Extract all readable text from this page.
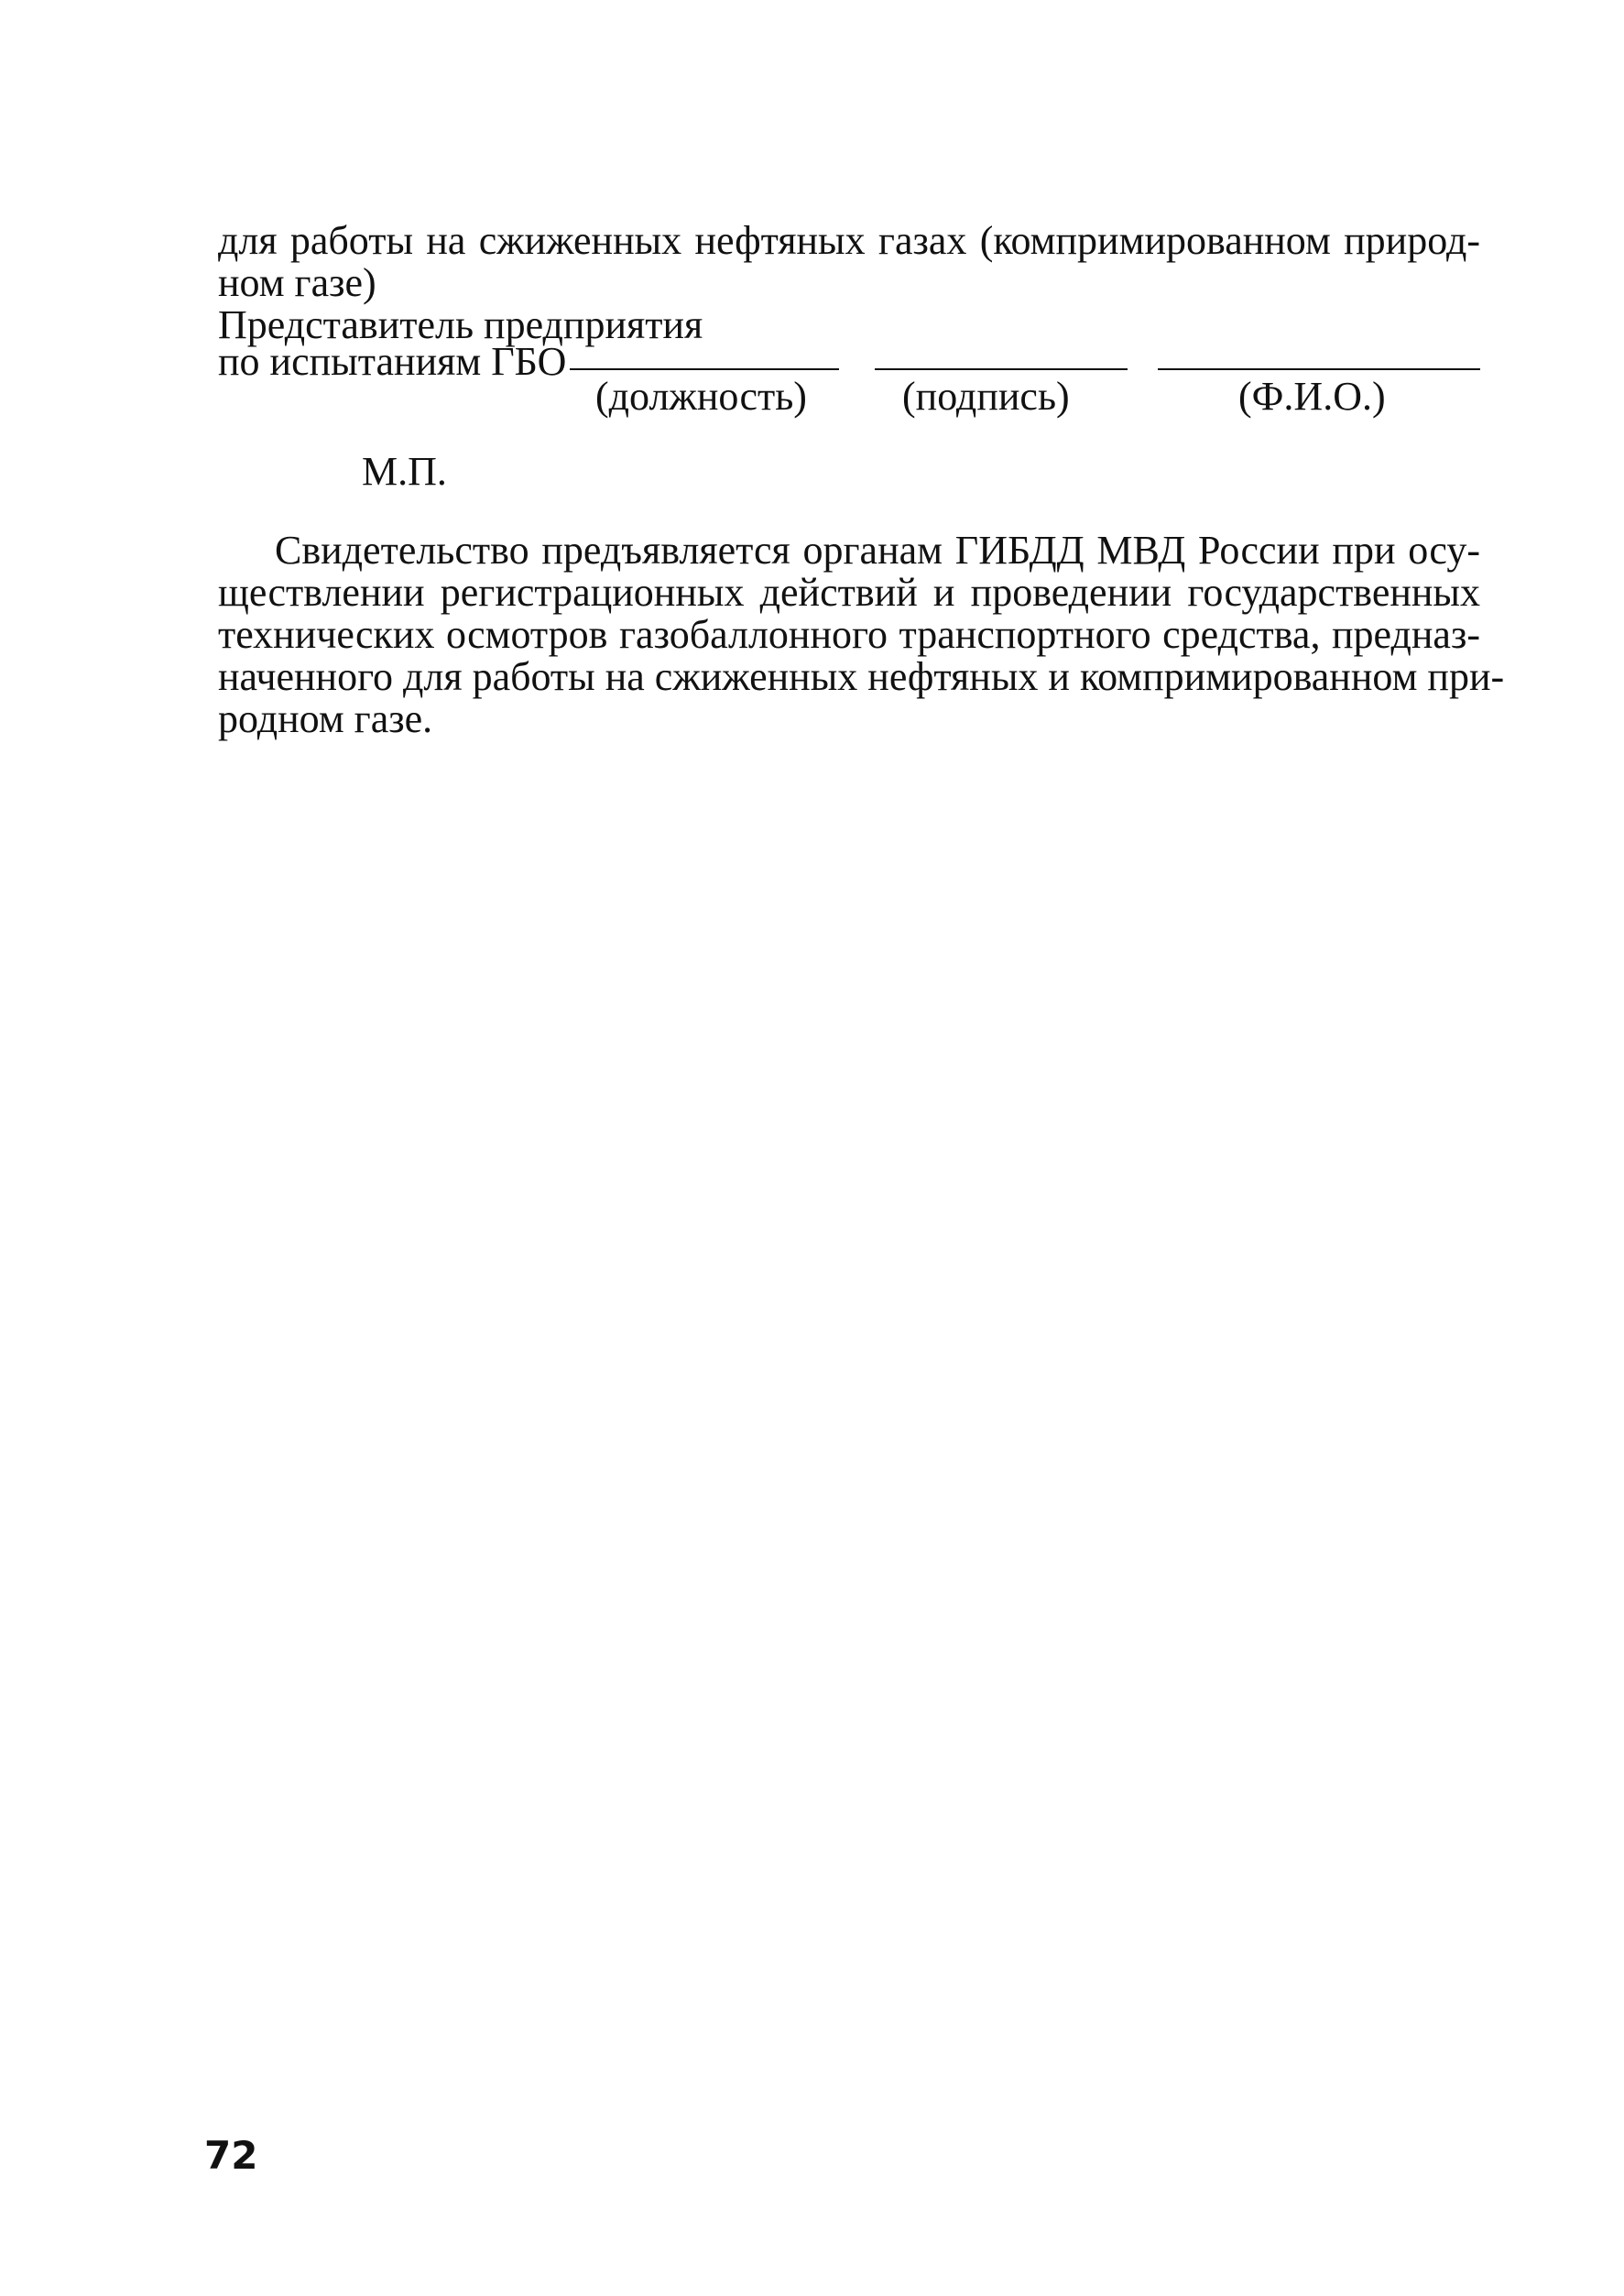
для работы на сжиженных нефтяных газах (компримированном природ-
ном газе)
Представитель предприятия
по испытаниям ГБО
(должность) (подпись)	(Ф.И.О.)
М.П.
Свидетельство предъявляется органам ГИБДД МВД России при осу-
ществлении регистрационных действий и проведении государственных
технических осмотров газобаллонного транспортного средства, предназ-
наченного для работы на сжиженных нефтяных и компримированном при-
родном газе.
72
